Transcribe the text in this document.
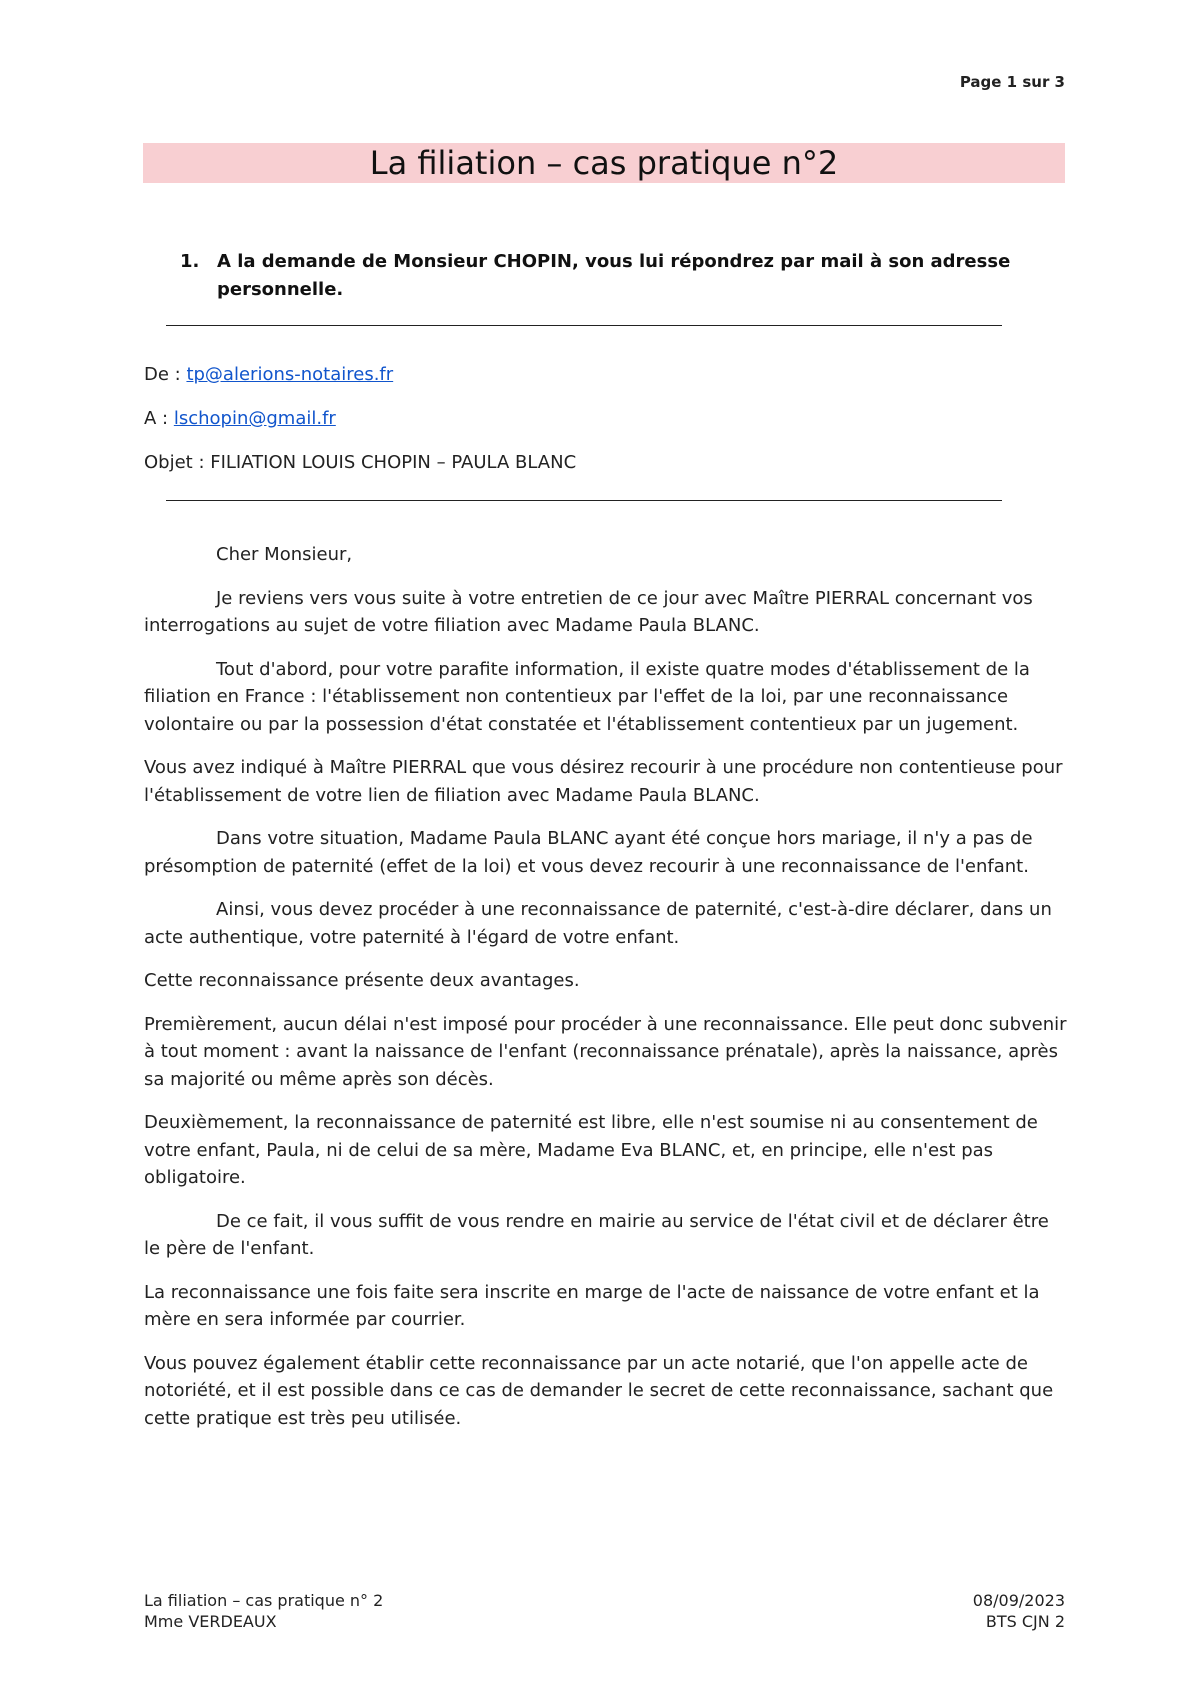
Page 1 sur 3
La filiation – cas pratique n°2
1. A la demande de Monsieur CHOPIN, vous lui répondrez par mail à son adresse personnelle.
De : tp@alerions-notaires.fr
A : lschopin@gmail.fr
Objet : FILIATION LOUIS CHOPIN – PAULA BLANC

Cher Monsieur,

Je reviens vers vous suite à votre entretien de ce jour avec Maître PIERRAL concernant vos interrogations au sujet de votre filiation avec Madame Paula BLANC.

Tout d'abord, pour votre parafite information, il existe quatre modes d'établissement de la filiation en France : l'établissement non contentieux par l'effet de la loi, par une reconnaissance volontaire ou par la possession d'état constatée et l'établissement contentieux par un jugement.

Vous avez indiqué à Maître PIERRAL que vous désirez recourir à une procédure non contentieuse pour l'établissement de votre lien de filiation avec Madame Paula BLANC.

Dans votre situation, Madame Paula BLANC ayant été conçue hors mariage, il n'y a pas de présomption de paternité (effet de la loi) et vous devez recourir à une reconnaissance de l'enfant.

Ainsi, vous devez procéder à une reconnaissance de paternité, c'est-à-dire déclarer, dans un acte authentique, votre paternité à l'égard de votre enfant.

Cette reconnaissance présente deux avantages.

Premièrement, aucun délai n'est imposé pour procéder à une reconnaissance. Elle peut donc subvenir à tout moment : avant la naissance de l'enfant (reconnaissance prénatale), après la naissance, après sa majorité ou même après son décès.

Deuxièmement, la reconnaissance de paternité est libre, elle n'est soumise ni au consentement de votre enfant, Paula, ni de celui de sa mère, Madame Eva BLANC, et, en principe, elle n'est pas obligatoire.

De ce fait, il vous suffit de vous rendre en mairie au service de l'état civil et de déclarer être le père de l'enfant.

La reconnaissance une fois faite sera inscrite en marge de l'acte de naissance de votre enfant et la mère en sera informée par courrier.

Vous pouvez également établir cette reconnaissance par un acte notarié, que l'on appelle acte de notoriété, et il est possible dans ce cas de demander le secret de cette reconnaissance, sachant que cette pratique est très peu utilisée.

La filiation – cas pratique n° 2
Mme VERDEAUX
08/09/2023
BTS CJN 2
